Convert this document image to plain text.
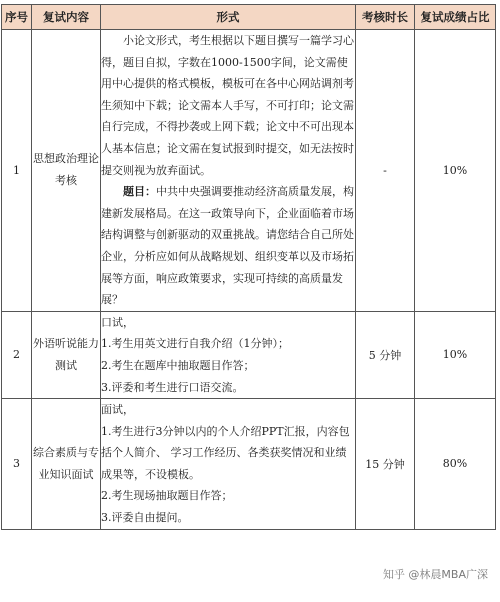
序号	复试内容	形式	考核时长	复试成绩占比
1	思想政治理论考核	小论文形式，考生根据以下题目撰写一篇学习心得，题目自拟，字数在1000-1500字间，论文需使用中心提供的格式模板，模板可在各中心网站调剂考生须知中下载；论文需本人手写，不可打印；论文需自行完成，不得抄袭或上网下载；论文中不可出现本人基本信息；论文需在复试报到时提交，如无法按时提交则视为放弃面试。

题目：中共中央强调要推动经济高质量发展，构建新发展格局。在这一政策导向下，企业面临着市场结构调整与创新驱动的双重挑战。请您结合自己所处企业，分析应如何从战略规划、组织变革以及市场拓展等方面，响应政策要求，实现可持续的高质量发展？	-	10%
2	外语听说能力测试	口试，

1.考生用英文进行自我介绍（1分钟）；

2.考生在题库中抽取题目作答；

3.评委和考生进行口语交流。	5 分钟	10%
3	综合素质与专业知识面试	面试，

1.考生进行3分钟以内的个人介绍PPT汇报，内容包括个人简介、 学习工作经历、各类获奖情况和业绩成果等，不设模板。

2.考生现场抽取题目作答；

3.评委自由提问。	15 分钟	80%
知乎 @林晨MBA广深
